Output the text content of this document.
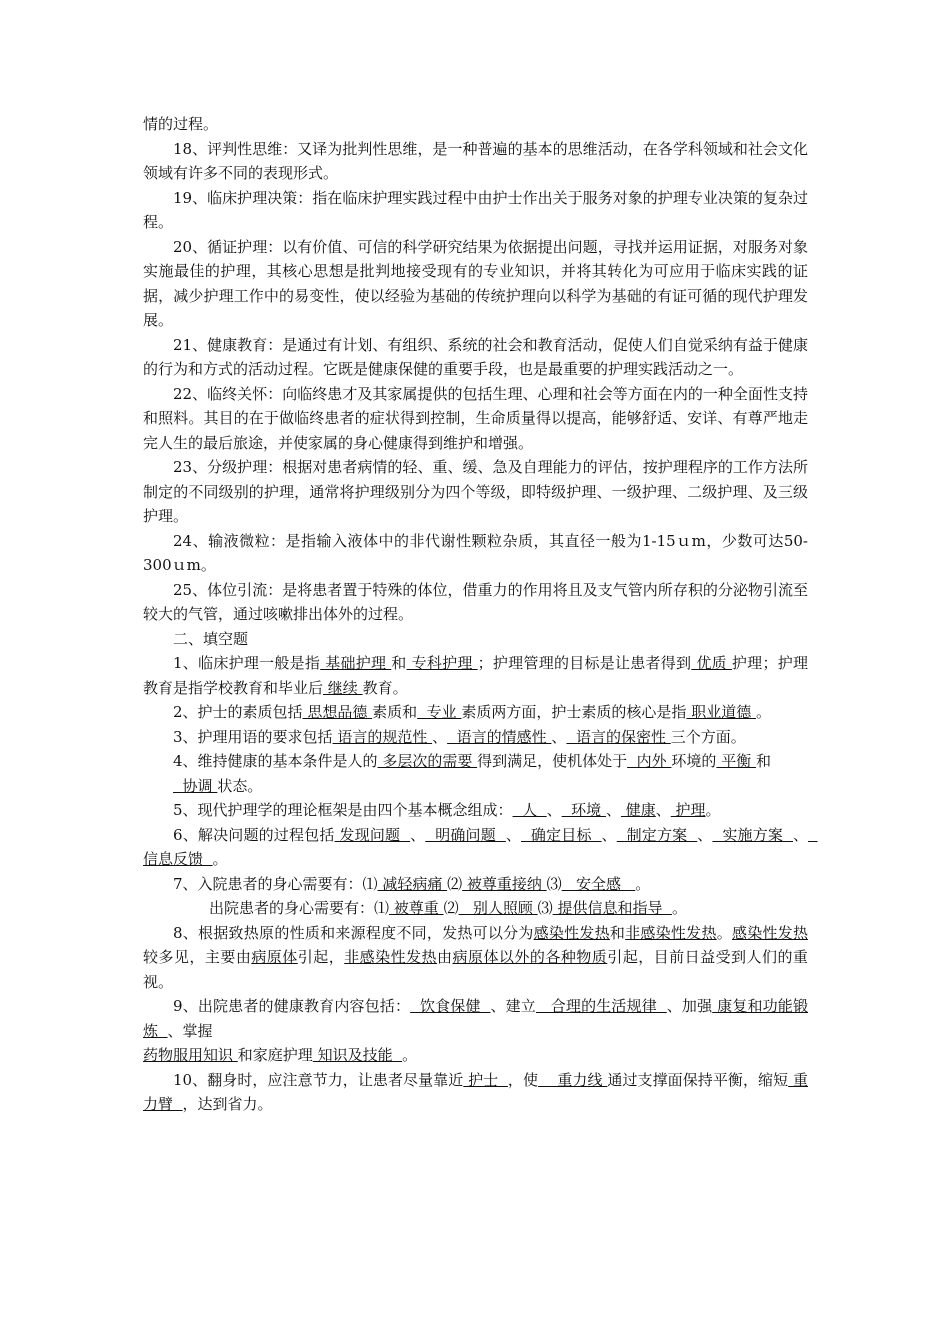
情的过程。

18、评判性思维：又译为批判性思维，是一种普遍的基本的思维活动，在各学科领域和社会文化领域有许多不同的表现形式。

19、临床护理决策：指在临床护理实践过程中由护士作出关于服务对象的护理专业决策的复杂过程。

20、循证护理：以有价值、可信的科学研究结果为依据提出问题，寻找并运用证据，对服务对象实施最佳的护理，其核心思想是批判地接受现有的专业知识，并将其转化为可应用于临床实践的证据，减少护理工作中的易变性，使以经验为基础的传统护理向以科学为基础的有证可循的现代护理发展。

21、健康教育：是通过有计划、有组织、系统的社会和教育活动，促使人们自觉采纳有益于健康的行为和方式的活动过程。它既是健康保健的重要手段，也是最重要的护理实践活动之一。

22、临终关怀：向临终患才及其家属提供的包括生理、心理和社会等方面在内的一种全面性支持和照料。其目的在于做临终患者的症状得到控制，生命质量得以提高，能够舒适、安详、有尊严地走完人生的最后旅途，并使家属的身心健康得到维护和增强。

23、分级护理：根据对患者病情的轻、重、缓、急及自理能力的评估，按护理程序的工作方法所制定的不同级别的护理，通常将护理级别分为四个等级，即特级护理、一级护理、二级护理、及三级护理。

24、输液微粒：是指输入液体中的非代谢性颗粒杂质，其直径一般为1-15ｕm，少数可达50-300ｕm。

25、体位引流：是将患者置于特殊的体位，借重力的作用将且及支气管内所存积的分泌物引流至较大的气管，通过咳嗽排出体外的过程。

二、填空题

1、临床护理一般是指 基础护理 和 专科护理 ；护理管理的目标是让患者得到 优质 护理；护理教育是指学校教育和毕业后 继续 教育。

2、护士的素质包括 思想品德 素质和  专业 素质两方面，护士素质的核心是指 职业道德 。

3、护理用语的要求包括 语言的规范性 、  语言的情感性 、  语言的保密性 三个方面。

4、维持健康的基本条件是人的 多层次的需要 得到满足，使机体处于  内外 环境的 平衡 和

协调 状态。

5、现代护理学的理论框架是由四个基本概念组成：  人  、  环境 、 健康、 护理。

6、解决问题的过程包括 发现问题  、  明确问题  、  确定目标  、  制定方案  、  实施方案  、  信息反馈  。

7、入院患者的身心需要有：⑴ 减轻病痛 ⑵ 被尊重接纳 ⑶   安全感   。

出院患者的身心需要有：⑴ 被尊重 ⑵   别人照顾 ⑶ 提供信息和指导  。

8、根据致热原的性质和来源程度不同，发热可以分为感染性发热和非感染性发热。感染性发热较多见，主要由病原体引起，非感染性发热由病原体以外的各种物质引起，目前日益受到人们的重视。

9、出院患者的健康教育内容包括：  饮食保健  、建立   合理的生活规律  、加强 康复和功能锻炼  、掌握

药物服用知识 和家庭护理 知识及技能  。

10、翻身时，应注意节力，让患者尽量靠近 护士  ，使    重力线 通过支撑面保持平衡，缩短 重力臂  ，达到省力。
